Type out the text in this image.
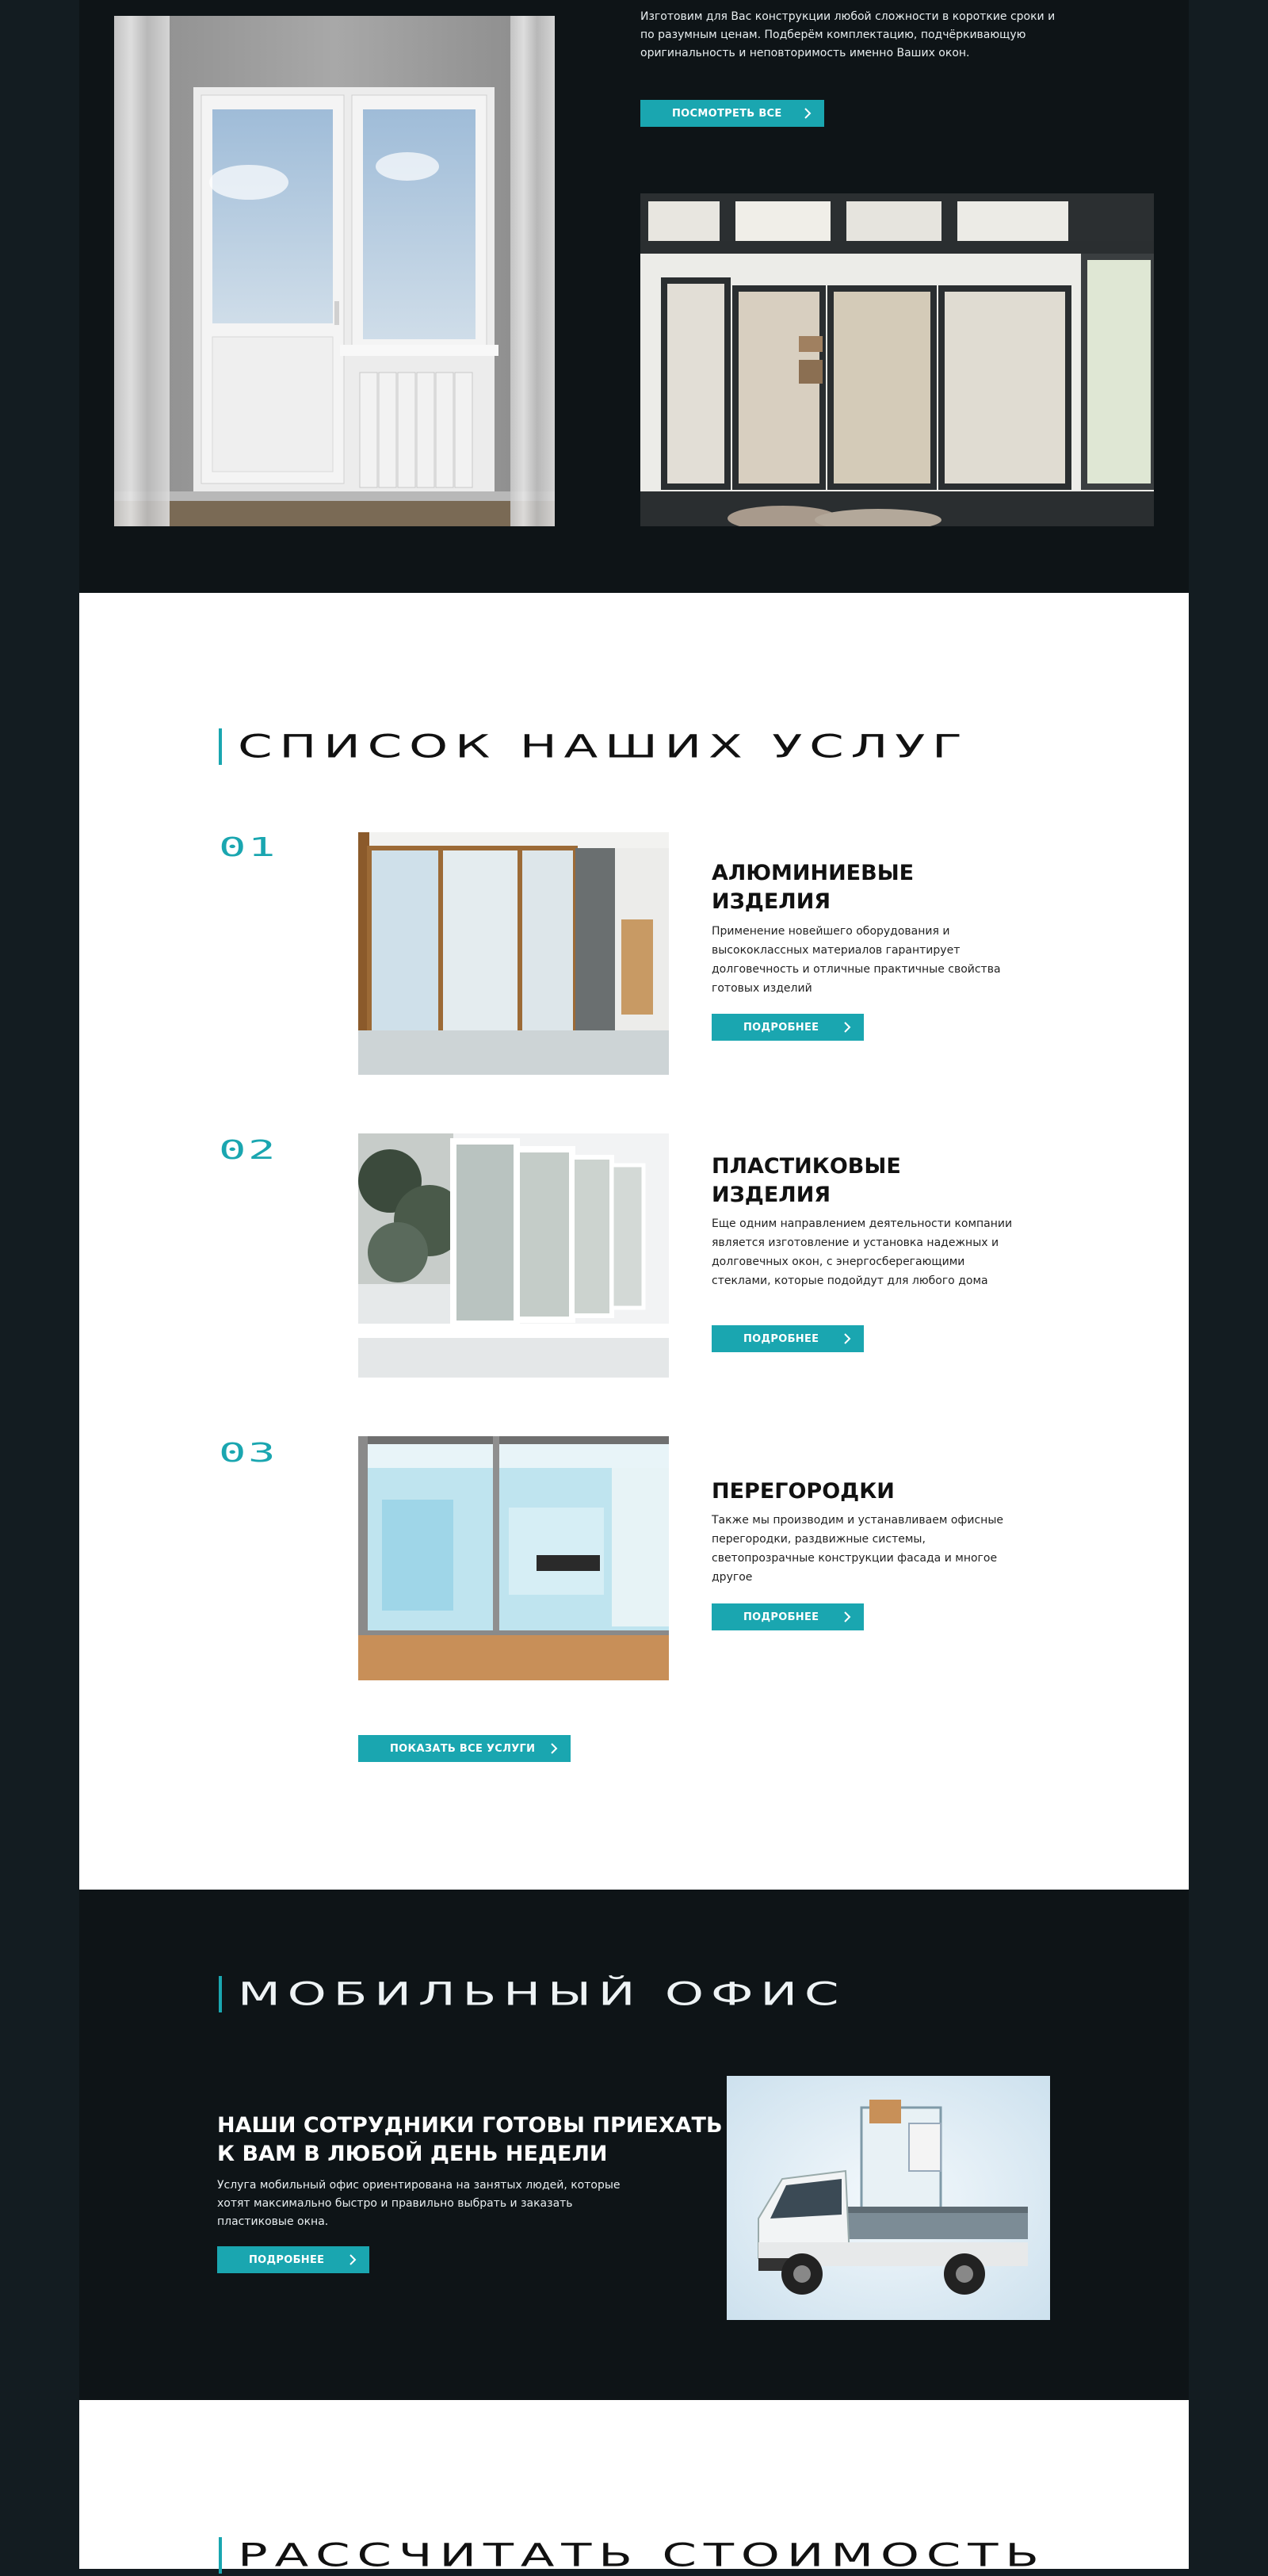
Изготовим для Вас конструкции любой сложности в короткие сроки и по разумным ценам. Подберём комплектацию, подчёркивающую оригинальность и неповторимость именно Ваших окон.

ПОСМОТРЕТЬ ВСЕ
СПИСОК НАШИХ УСЛУГ
01
АЛЮМИНИЕВЫЕ
ИЗДЕЛИЯ

Применение новейшего оборудования и высококлассных материалов гарантирует долговечность и отличные практичные свойства готовых изделий

ПОДРОБНЕЕ
02
ПЛАСТИКОВЫЕ
ИЗДЕЛИЯ

Еще одним направлением деятельности компании является изготовление и установка надежных и долговечных окон, с энергосберегающими стеклами, которые подойдут для любого дома

ПОДРОБНЕЕ
03
ПЕРЕГОРОДКИ

Также мы производим и устанавливаем офисные перегородки, раздвижные системы, светопрозрачные конструкции фасада и многое другое

ПОДРОБНЕЕ
ПОКАЗАТЬ ВСЕ УСЛУГИ
МОБИЛЬНЫЙ ОФИС
НАШИ СОТРУДНИКИ ГОТОВЫ ПРИЕХАТЬ
К ВАМ В ЛЮБОЙ ДЕНЬ НЕДЕЛИ

Услуга мобильный офис ориентирована на занятых людей, которые хотят максимально быстро и правильно выбрать и заказать пластиковые окна.

ПОДРОБНЕЕ
РАССЧИТАТЬ СТОИМОСТЬ
